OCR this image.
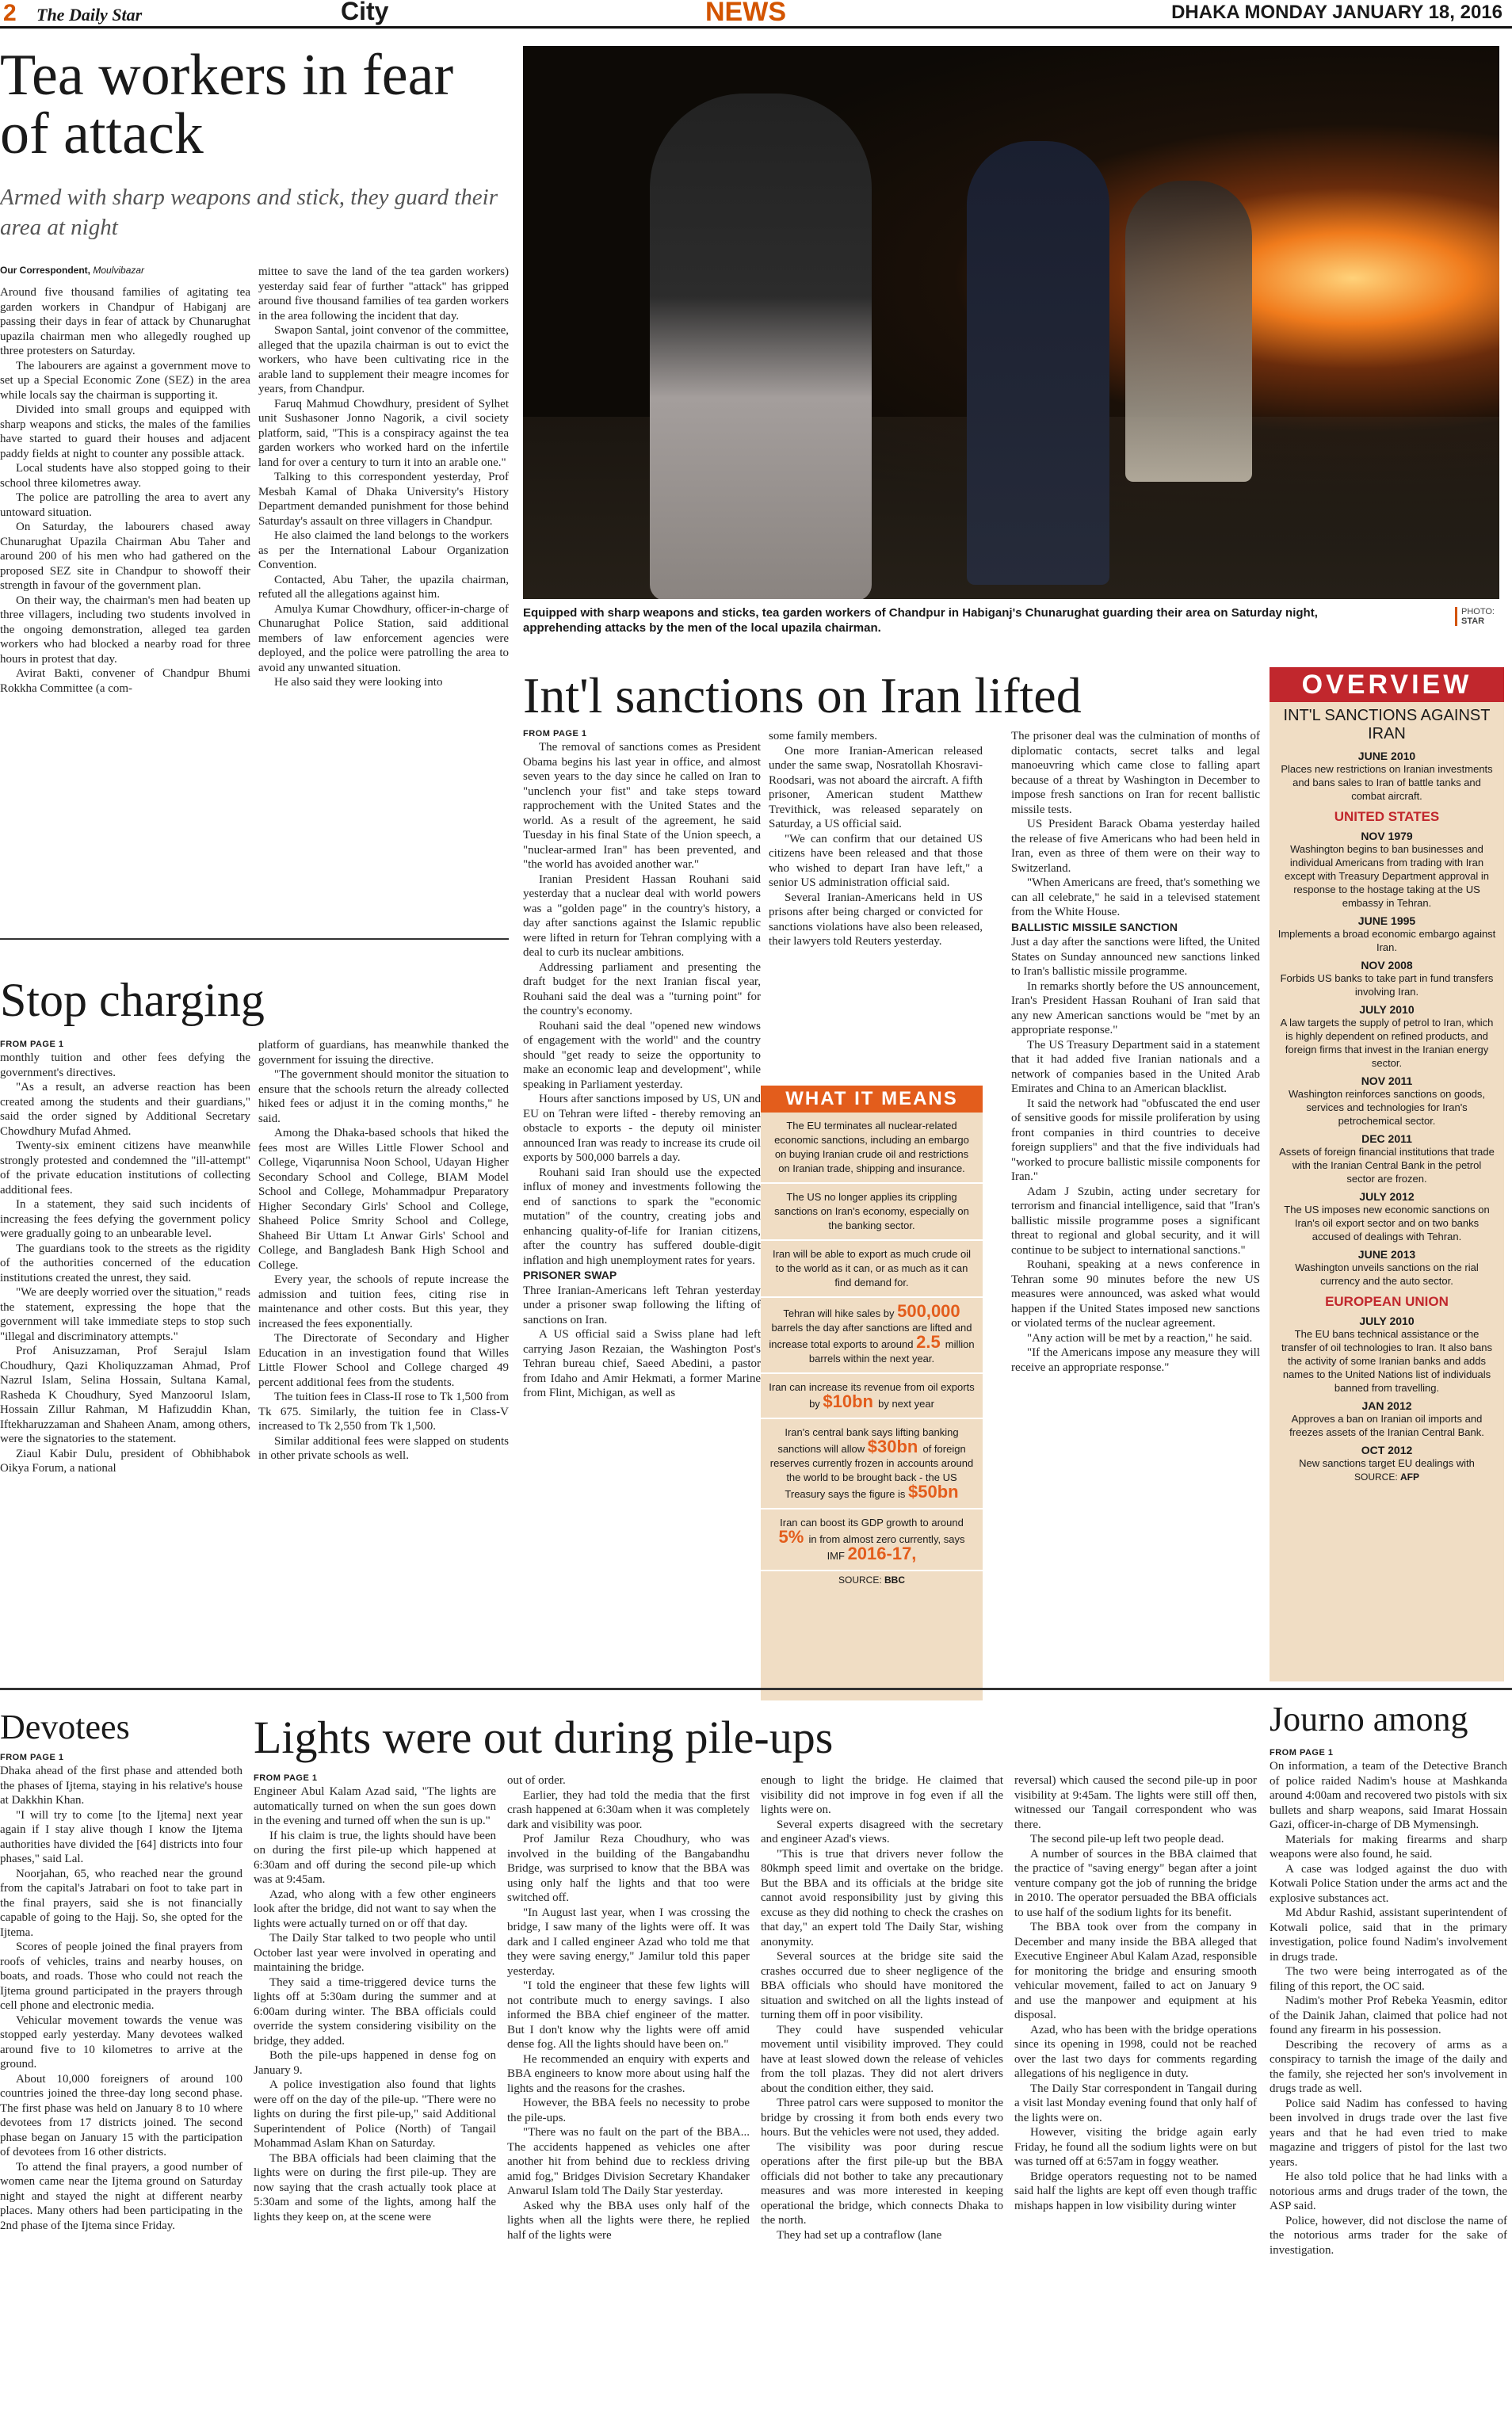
2 The Daily Star	City	NEWS	DHAKA MONDAY JANUARY 18, 2016
Tea workers in fear of attack
Armed with sharp weapons and stick, they guard their area at night
Our Correspondent, Moulvibazar

Around five thousand families of agitating tea garden workers in Chandpur of Habiganj are passing their days in fear of attack by Chunarughat upazila chairman men who allegedly roughed up three protesters on Saturday.

The labourers are against a government move to set up a Special Economic Zone (SEZ) in the area while locals say the chairman is supporting it.

Divided into small groups and equipped with sharp weapons and sticks, the males of the families have started to guard their houses and adjacent paddy fields at night to counter any possible attack.

Local students have also stopped going to their school three kilometres away.

The police are patrolling the area to avert any untoward situation.

On Saturday, the labourers chased away Chunarughat Upazila Chairman Abu Taher and around 200 of his men who had gathered on the proposed SEZ site in Chandpur to showoff their strength in favour of the government plan.

On their way, the chairman's men had beaten up three villagers, including two students involved in the ongoing demonstration, alleged tea garden workers who had blocked a nearby road for three hours in protest that day.

Avirat Bakti, convener of Chandpur Bhumi Rokkha Committee (a com-

mittee to save the land of the tea garden workers) yesterday said fear of further "attack" has gripped around five thousand families of tea garden workers in the area following the incident that day.

Swapon Santal, joint convenor of the committee, alleged that the upazila chairman is out to evict the workers, who have been cultivating rice in the arable land to supplement their meagre incomes for years, from Chandpur.

Faruq Mahmud Chowdhury, president of Sylhet unit Sushasoner Jonno Nagorik, a civil society platform, said, "This is a conspiracy against the tea garden workers who worked hard on the infertile land for over a century to turn it into an arable one."

Talking to this correspondent yesterday, Prof Mesbah Kamal of Dhaka University's History Department demanded punishment for those behind Saturday's assault on three villagers in Chandpur.

He also claimed the land belongs to the workers as per the International Labour Organization Convention.

Contacted, Abu Taher, the upazila chairman, refuted all the allegations against him.

Amulya Kumar Chowdhury, officer-in-charge of Chunarughat Police Station, said additional members of law enforcement agencies were deployed, and the police were patrolling the area to avoid any unwanted situation.

He also said they were looking into

Equipped with sharp weapons and sticks, tea garden workers of Chandpur in Habiganj's Chunarughat guarding their area on Saturday night, apprehending attacks by the men of the local upazila chairman.
PHOTO:
STAR
Int'l sanctions on Iran lifted
FROM PAGE 1

The removal of sanctions comes as President Obama begins his last year in office, and almost seven years to the day since he called on Iran to "unclench your fist" and take steps toward rapprochement with the United States and the world. As a result of the agreement, he said Tuesday in his final State of the Union speech, a "nuclear-armed Iran" has been prevented, and "the world has avoided another war."

Iranian President Hassan Rouhani said yesterday that a nuclear deal with world powers was a "golden page" in the country's history, a day after sanctions against the Islamic republic were lifted in return for Tehran complying with a deal to curb its nuclear ambitions.

Addressing parliament and presenting the draft budget for the next Iranian fiscal year, Rouhani said the deal was a "turning point" for the country's economy.

Rouhani said the deal "opened new windows of engagement with the world" and the country should "get ready to seize the opportunity to make an economic leap and development", while speaking in Parliament yesterday.

Hours after sanctions imposed by US, UN and EU on Tehran were lifted - thereby removing an obstacle to exports - the deputy oil minister announced Iran was ready to increase its crude oil exports by 500,000 barrels a day.

Rouhani said Iran should use the expected influx of money and investments following the end of sanctions to spark the "economic mutation" of the country, creating jobs and enhancing quality-of-life for Iranian citizens, after the country has suffered double-digit inflation and high unemployment rates for years.

PRISONER SWAP

Three Iranian-Americans left Tehran yesterday under a prisoner swap following the lifting of sanctions on Iran.

A US official said a Swiss plane had left carrying Jason Rezaian, the Washington Post's Tehran bureau chief, Saeed Abedini, a pastor from Idaho and Amir Hekmati, a former Marine from Flint, Michigan, as well as

some family members.

One more Iranian-American released under the same swap, Nosratollah Khosravi-Roodsari, was not aboard the aircraft. A fifth prisoner, American student Matthew Trevithick, was released separately on Saturday, a US official said.

"We can confirm that our detained US citizens have been released and that those who wished to depart Iran have left," a senior US administration official said.

Several Iranian-Americans held in US prisons after being charged or convicted for sanctions violations have also been released, their lawyers told Reuters yesterday.

The prisoner deal was the culmination of months of diplomatic contacts, secret talks and legal manoeuvring which came close to falling apart because of a threat by Washington in December to impose fresh sanctions on Iran for recent ballistic missile tests.

US President Barack Obama yesterday hailed the release of five Americans who had been held in Iran, even as three of them were on their way to Switzerland.

"When Americans are freed, that's something we can all celebrate," he said in a televised statement from the White House.

BALLISTIC MISSILE SANCTION

Just a day after the sanctions were lifted, the United States on Sunday announced new sanctions linked to Iran's ballistic missile programme.

In remarks shortly before the US announcement, Iran's President Hassan Rouhani of Iran said that any new American sanctions would be "met by an appropriate response."

The US Treasury Department said in a statement that it had added five Iranian nationals and a network of companies based in the United Arab Emirates and China to an American blacklist.

It said the network had "obfuscated the end user of sensitive goods for missile proliferation by using front companies in third countries to deceive foreign suppliers" and that the five individuals had "worked to procure ballistic missile components for Iran."

Adam J Szubin, acting under secretary for terrorism and financial intelligence, said that "Iran's ballistic missile programme poses a significant threat to regional and global security, and it will continue to be subject to international sanctions."

Rouhani, speaking at a news conference in Tehran some 90 minutes before the new US measures were announced, was asked what would happen if the United States imposed new sanctions or violated terms of the nuclear agreement.

"Any action will be met by a reaction," he said.

"If the Americans impose any measure they will receive an appropriate response."

WHAT IT MEANS
The EU terminates all nuclear-related economic sanctions, including an embargo on buying Iranian crude oil and restrictions on Iranian trade, shipping and insurance.
The US no longer applies its crippling sanctions on Iran's economy, especially on the banking sector.
Iran will be able to export as much crude oil to the world as it can, or as much as it can find demand for.
Tehran will hike sales by 500,000 barrels the day after sanctions are lifted and increase total exports to around 2.5 million barrels within the next year.
Iran can increase its revenue from oil exports by $10bn by next year
Iran's central bank says lifting banking sanctions will allow $30bn of foreign reserves currently frozen in accounts around the world to be brought back - the US Treasury says the figure is $50bn
Iran can boost its GDP growth to around 5% in from almost zero currently, says IMF 2016-17,
SOURCE: BBC
OVERVIEW
INT'L SANCTIONS AGAINST IRAN
JUNE 2010
Places new restrictions on Iranian investments and bans sales to Iran of battle tanks and combat aircraft.
UNITED STATES
NOV 1979
Washington begins to ban businesses and individual Americans from trading with Iran except with Treasury Department approval in response to the hostage taking at the US embassy in Tehran.
JUNE 1995
Implements a broad economic embargo against Iran.
NOV 2008
Forbids US banks to take part in fund transfers involving Iran.
JULY 2010
A law targets the supply of petrol to Iran, which is highly dependent on refined products, and foreign firms that invest in the Iranian energy sector.
NOV 2011
Washington reinforces sanctions on goods, services and technologies for Iran's petrochemical sector.
DEC 2011
Assets of foreign financial institutions that trade with the Iranian Central Bank in the petrol sector are frozen.
JULY 2012
The US imposes new economic sanctions on Iran's oil export sector and on two banks accused of dealings with Tehran.
JUNE 2013
Washington unveils sanctions on the rial currency and the auto sector.
EUROPEAN UNION
JULY 2010
The EU bans technical assistance or the transfer of oil technologies to Iran. It also bans the activity of some Iranian banks and adds names to the United Nations list of individuals banned from travelling.
JAN 2012
Approves a ban on Iranian oil imports and freezes assets of the Iranian Central Bank.
OCT 2012
New sanctions target EU dealings with
SOURCE: AFP
Stop charging
FROM PAGE 1

monthly tuition and other fees defying the government's directives.

"As a result, an adverse reaction has been created among the students and their guardians," said the order signed by Additional Secretary Chowdhury Mufad Ahmed.

Twenty-six eminent citizens have meanwhile strongly protested and condemned the "ill-attempt" of the private education institutions of collecting additional fees.

In a statement, they said such incidents of increasing the fees defying the government policy were gradually going to an unbearable level.

The guardians took to the streets as the rigidity of the authorities concerned of the education institutions created the unrest, they said.

"We are deeply worried over the situation," reads the statement, expressing the hope that the government will take immediate steps to stop such "illegal and discriminatory attempts."

Prof Anisuzzaman, Prof Serajul Islam Choudhury, Qazi Kholiquzzaman Ahmad, Prof Nazrul Islam, Selina Hossain, Sultana Kamal, Rasheda K Choudhury, Syed Manzoorul Islam, Hossain Zillur Rahman, M Hafizuddin Khan, Iftekharuzzaman and Shaheen Anam, among others, were the signatories to the statement.

Ziaul Kabir Dulu, president of Obhibhabok Oikya Forum, a national

platform of guardians, has meanwhile thanked the government for issuing the directive.

"The government should monitor the situation to ensure that the schools return the already collected hiked fees or adjust it in the coming months," he said.

Among the Dhaka-based schools that hiked the fees most are Willes Little Flower School and College, Viqarunnisa Noon School, Udayan Higher Secondary School and College, BIAM Model School and College, Mohammadpur Preparatory Higher Secondary Girls' School and College, Shaheed Police Smrity School and College, Shaheed Bir Uttam Lt Anwar Girls' School and College, and Bangladesh Bank High School and College.

Every year, the schools of repute increase the admission and tuition fees, citing rise in maintenance and other costs. But this year, they increased the fees exponentially.

The Directorate of Secondary and Higher Education in an investigation found that Willes Little Flower School and College charged 49 percent additional fees from the students.

The tuition fees in Class-II rose to Tk 1,500 from Tk 675. Similarly, the tuition fee in Class-V increased to Tk 2,550 from Tk 1,500.

Similar additional fees were slapped on students in other private schools as well.

Devotees
FROM PAGE 1

Dhaka ahead of the first phase and attended both the phases of Ijtema, staying in his relative's house at Dakkhin Khan.

"I will try to come [to the Ijtema] next year again if I stay alive though I know the Ijtema authorities have divided the [64] districts into four phases," said Lal.

Noorjahan, 65, who reached near the ground from the capital's Jatrabari on foot to take part in the final prayers, said she is not financially capable of going to the Hajj. So, she opted for the Ijtema.

Scores of people joined the final prayers from roofs of vehicles, trains and nearby houses, on boats, and roads. Those who could not reach the Ijtema ground participated in the prayers through cell phone and electronic media.

Vehicular movement towards the venue was stopped early yesterday. Many devotees walked around five to 10 kilometres to arrive at the ground.

About 10,000 foreigners of around 100 countries joined the three-day long second phase. The first phase was held on January 8 to 10 where devotees from 17 districts joined. The second phase began on January 15 with the participation of devotees from 16 other districts.

To attend the final prayers, a good number of women came near the Ijtema ground on Saturday night and stayed the night at different nearby places. Many others had been participating in the 2nd phase of the Ijtema since Friday.

Lights were out during pile-ups
FROM PAGE 1

Engineer Abul Kalam Azad said, "The lights are automatically turned on when the sun goes down in the evening and turned off when the sun is up."

If his claim is true, the lights should have been on during the first pile-up which happened at 6:30am and off during the second pile-up which was at 9:45am.

Azad, who along with a few other engineers look after the bridge, did not want to say when the lights were actually turned on or off that day.

The Daily Star talked to two people who until October last year were involved in operating and maintaining the bridge.

They said a time-triggered device turns the lights off at 5:30am during the summer and at 6:00am during winter. The BBA officials could override the system considering visibility on the bridge, they added.

Both the pile-ups happened in dense fog on January 9.

A police investigation also found that lights were off on the day of the pile-up. "There were no lights on during the first pile-up," said Additional Superintendent of Police (North) of Tangail Mohammad Aslam Khan on Saturday.

The BBA officials had been claiming that the lights were on during the first pile-up. They are now saying that the crash actually took place at 5:30am and some of the lights, among half the lights they keep on, at the scene were

out of order.

Earlier, they had told the media that the first crash happened at 6:30am when it was completely dark and visibility was poor.

Prof Jamilur Reza Choudhury, who was involved in the building of the Bangabandhu Bridge, was surprised to know that the BBA was using only half the lights and that too were switched off.

"In August last year, when I was crossing the bridge, I saw many of the lights were off. It was dark and I called engineer Azad who told me that they were saving energy," Jamilur told this paper yesterday.

"I told the engineer that these few lights will not contribute much to energy savings. I also informed the BBA chief engineer of the matter. But I don't know why the lights were off amid dense fog. All the lights should have been on."

He recommended an enquiry with experts and BBA engineers to know more about using half the lights and the reasons for the crashes.

However, the BBA feels no necessity to probe the pile-ups.

"There was no fault on the part of the BBA... The accidents happened as vehicles one after another hit from behind due to reckless driving amid fog," Bridges Division Secretary Khandaker Anwarul Islam told The Daily Star yesterday.

Asked why the BBA uses only half of the lights when all the lights were there, he replied half of the lights were

enough to light the bridge. He claimed that visibility did not improve in fog even if all the lights were on.

Several experts disagreed with the secretary and engineer Azad's views.

"This is true that drivers never follow the 80kmph speed limit and overtake on the bridge. But the BBA and its officials at the bridge site cannot avoid responsibility just by giving this excuse as they did nothing to check the crashes on that day," an expert told The Daily Star, wishing anonymity.

Several sources at the bridge site said the crashes occurred due to sheer negligence of the BBA officials who should have monitored the situation and switched on all the lights instead of turning them off in poor visibility.

They could have suspended vehicular movement until visibility improved. They could have at least slowed down the release of vehicles from the toll plazas. They did not alert drivers about the condition either, they said.

Three patrol cars were supposed to monitor the bridge by crossing it from both ends every two hours. But the vehicles were not used, they added.

The visibility was poor during rescue operations after the first pile-up but the BBA officials did not bother to take any precautionary measures and was more interested in keeping operational the bridge, which connects Dhaka to the north.

They had set up a contraflow (lane

reversal) which caused the second pile-up in poor visibility at 9:45am. The lights were still off then, witnessed our Tangail correspondent who was there.

The second pile-up left two people dead.

A number of sources in the BBA claimed that the practice of "saving energy" began after a joint venture company got the job of running the bridge in 2010. The operator persuaded the BBA officials to use half of the sodium lights for its benefit.

The BBA took over from the company in December and many inside the BBA alleged that Executive Engineer Abul Kalam Azad, responsible for monitoring the bridge and ensuring smooth vehicular movement, failed to act on January 9 and use the manpower and equipment at his disposal.

Azad, who has been with the bridge operations since its opening in 1998, could not be reached over the last two days for comments regarding allegations of his negligence in duty.

The Daily Star correspondent in Tangail during a visit last Monday evening found that only half of the lights were on.

However, visiting the bridge again early Friday, he found all the sodium lights were on but was turned off at 6:57am in foggy weather.

Bridge operators requesting not to be named said half the lights are kept off even though traffic mishaps happen in low visibility during winter

Journo among
FROM PAGE 1

On information, a team of the Detective Branch of police raided Nadim's house at Mashkanda around 4:00am and recovered two pistols with six bullets and sharp weapons, said Imarat Hossain Gazi, officer-in-charge of DB Mymensingh.

Materials for making firearms and sharp weapons were also found, he said.

A case was lodged against the duo with Kotwali Police Station under the arms act and the explosive substances act.

Md Abdur Rashid, assistant superintendent of Kotwali police, said that in the primary investigation, police found Nadim's involvement in drugs trade.

The two were being interrogated as of the filing of this report, the OC said.

Nadim's mother Prof Rebeka Yeasmin, editor of the Dainik Jahan, claimed that police had not found any firearm in his possession.

Describing the recovery of arms as a conspiracy to tarnish the image of the daily and the family, she rejected her son's involvement in drugs trade as well.

Police said Nadim has confessed to having been involved in drugs trade over the last five years and that he had even tried to make magazine and triggers of pistol for the last two years.

He also told police that he had links with a notorious arms and drugs trader of the town, the ASP said.

Police, however, did not disclose the name of the notorious arms trader for the sake of investigation.
